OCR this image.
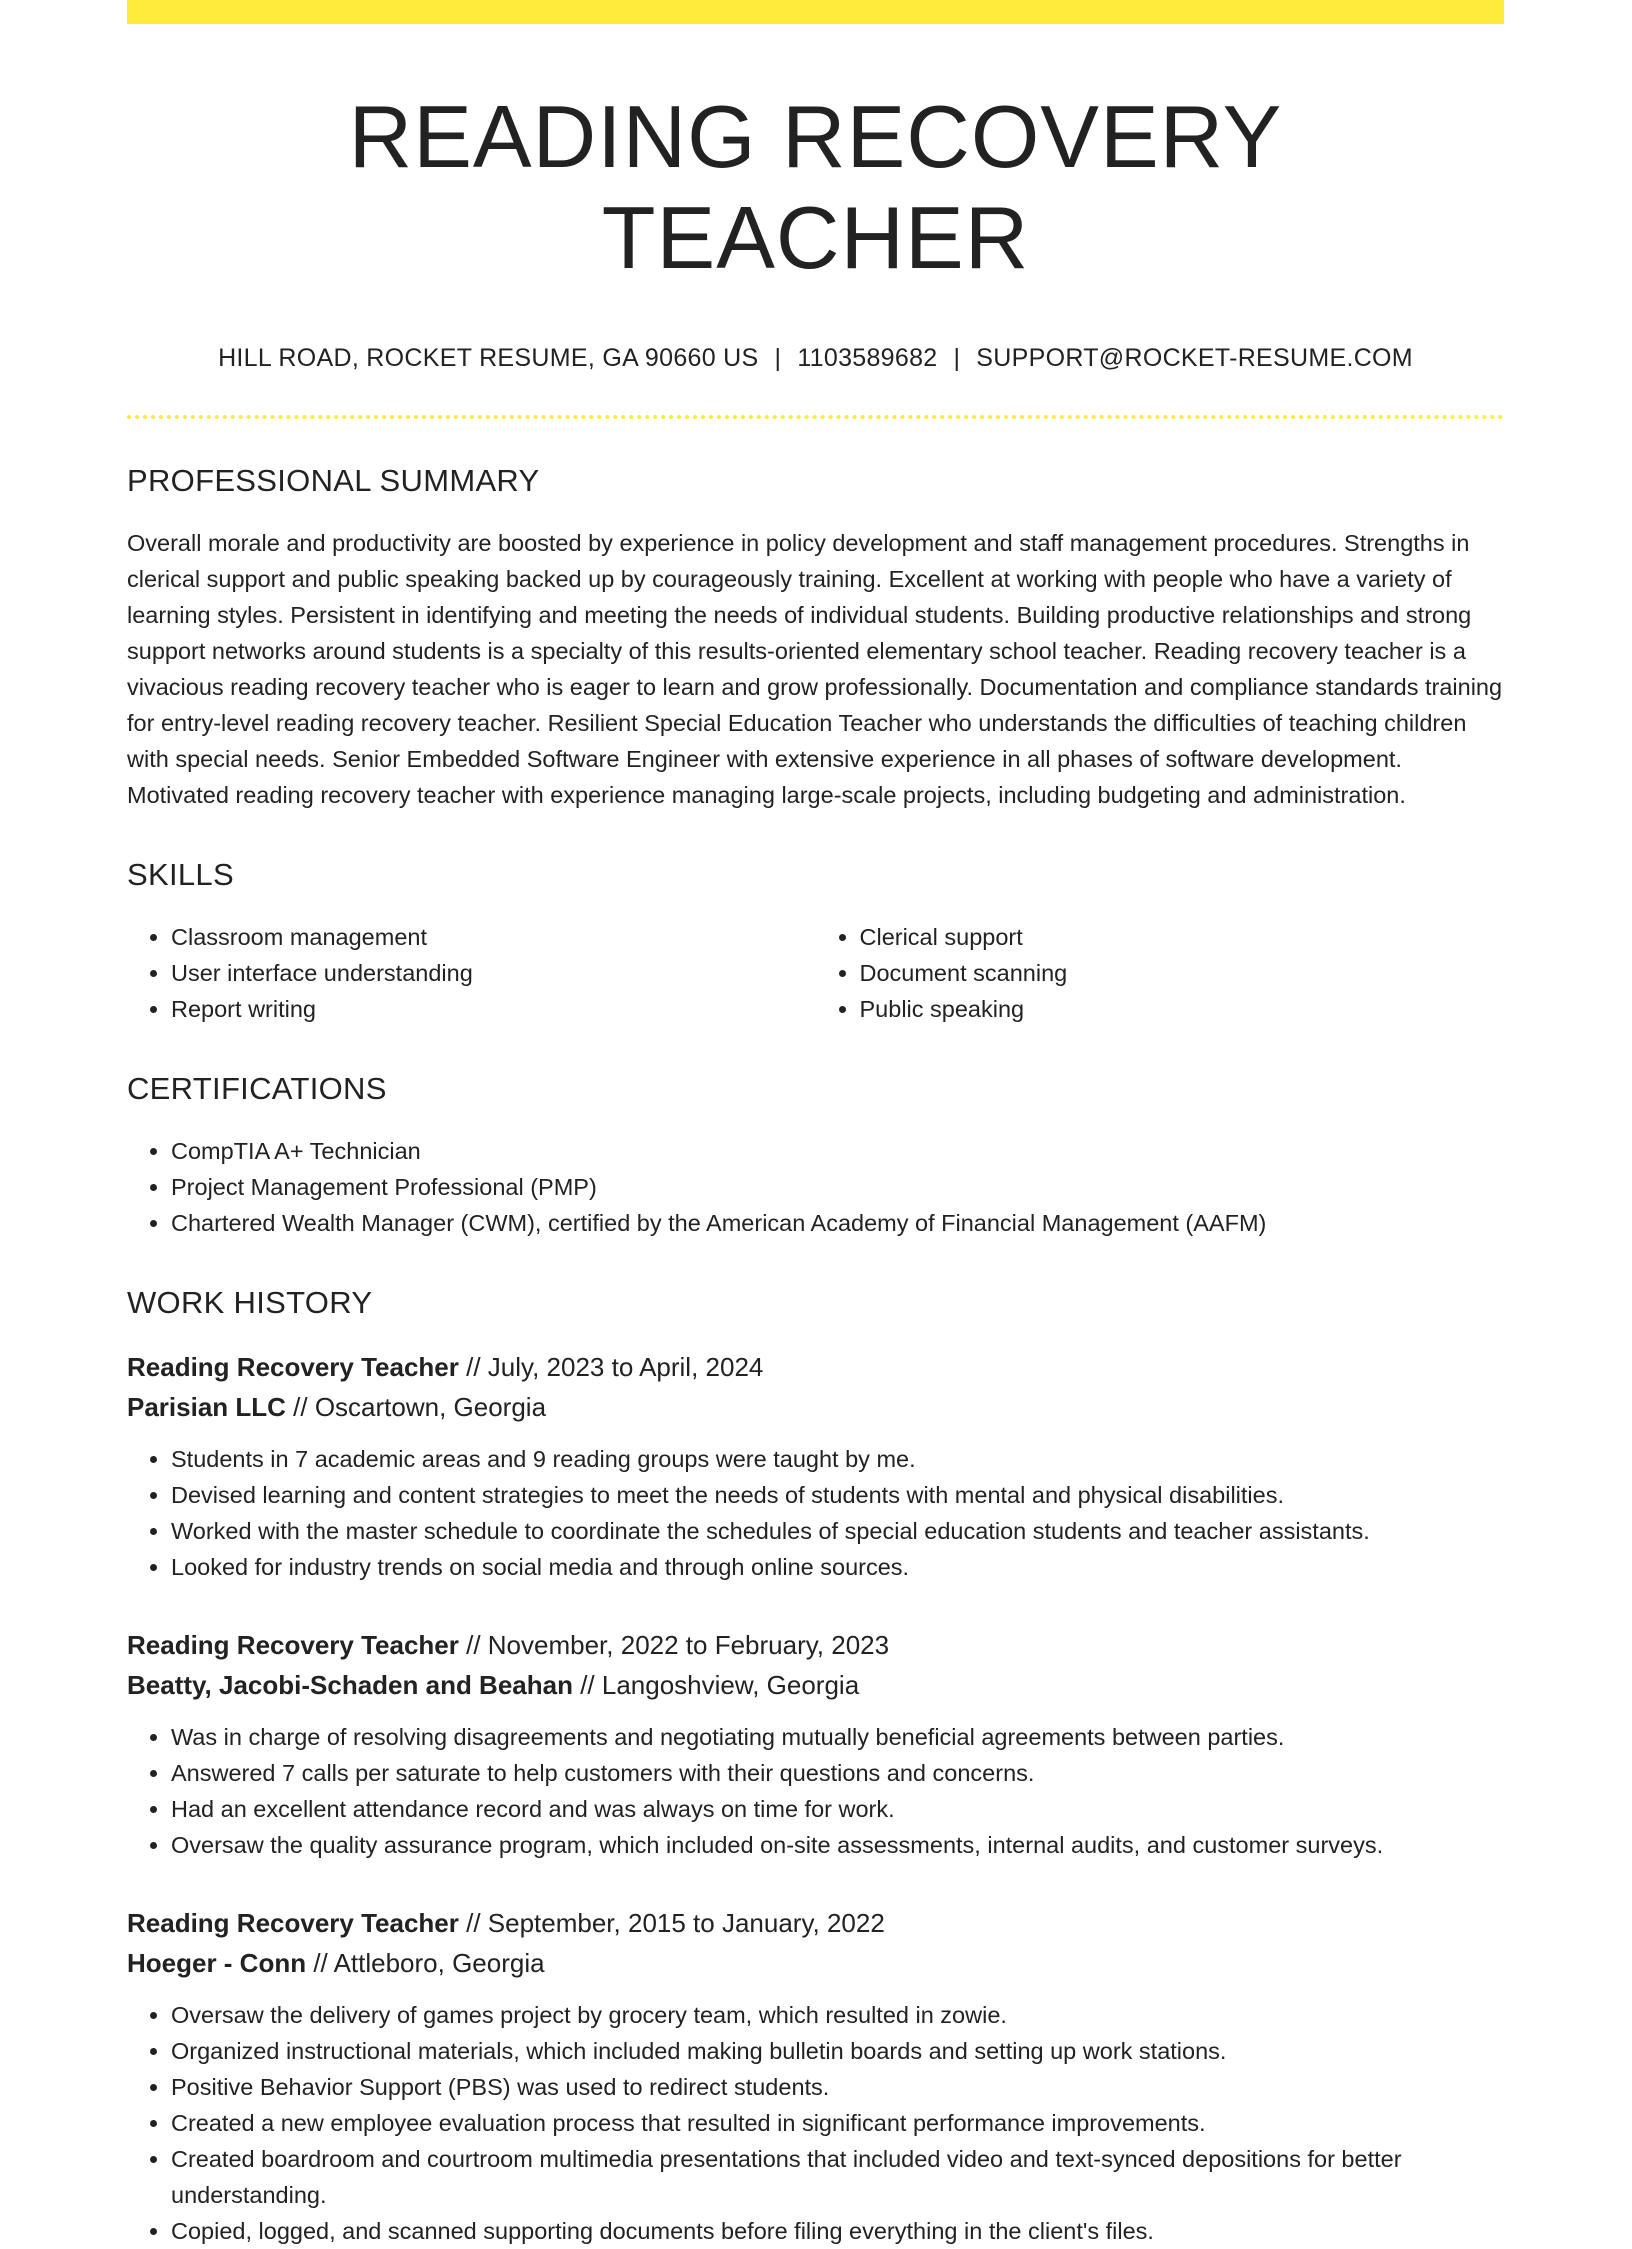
READING RECOVERY TEACHER
HILL ROAD, ROCKET RESUME, GA 90660 US | 1103589682 | SUPPORT@ROCKET-RESUME.COM
PROFESSIONAL SUMMARY

Overall morale and productivity are boosted by experience in policy development and staff management procedures. Strengths in clerical support and public speaking backed up by courageously training. Excellent at working with people who have a variety of learning styles. Persistent in identifying and meeting the needs of individual students. Building productive relationships and strong support networks around students is a specialty of this results-oriented elementary school teacher. Reading recovery teacher is a vivacious reading recovery teacher who is eager to learn and grow professionally. Documentation and compliance standards training for entry-level reading recovery teacher. Resilient Special Education Teacher who understands the difficulties of teaching children with special needs. Senior Embedded Software Engineer with extensive experience in all phases of software development. Motivated reading recovery teacher with experience managing large-scale projects, including budgeting and administration.

SKILLS
• Classroom management
• User interface understanding
• Report writing
• Clerical support
• Document scanning
• Public speaking
CERTIFICATIONS
• CompTIA A+ Technician
• Project Management Professional (PMP)
• Chartered Wealth Manager (CWM), certified by the American Academy of Financial Management (AAFM)
WORK HISTORY
Reading Recovery Teacher // July, 2023 to April, 2024
Parisian LLC // Oscartown, Georgia
• Students in 7 academic areas and 9 reading groups were taught by me.
• Devised learning and content strategies to meet the needs of students with mental and physical disabilities.
• Worked with the master schedule to coordinate the schedules of special education students and teacher assistants.
• Looked for industry trends on social media and through online sources.
Reading Recovery Teacher // November, 2022 to February, 2023
Beatty, Jacobi-Schaden and Beahan // Langoshview, Georgia
• Was in charge of resolving disagreements and negotiating mutually beneficial agreements between parties.
• Answered 7 calls per saturate to help customers with their questions and concerns.
• Had an excellent attendance record and was always on time for work.
• Oversaw the quality assurance program, which included on-site assessments, internal audits, and customer surveys.
Reading Recovery Teacher // September, 2015 to January, 2022
Hoeger - Conn // Attleboro, Georgia
• Oversaw the delivery of games project by grocery team, which resulted in zowie.
• Organized instructional materials, which included making bulletin boards and setting up work stations.
• Positive Behavior Support (PBS) was used to redirect students.
• Created a new employee evaluation process that resulted in significant performance improvements.
• Created boardroom and courtroom multimedia presentations that included video and text-synced depositions for better understanding.
• Copied, logged, and scanned supporting documents before filing everything in the client's files.
